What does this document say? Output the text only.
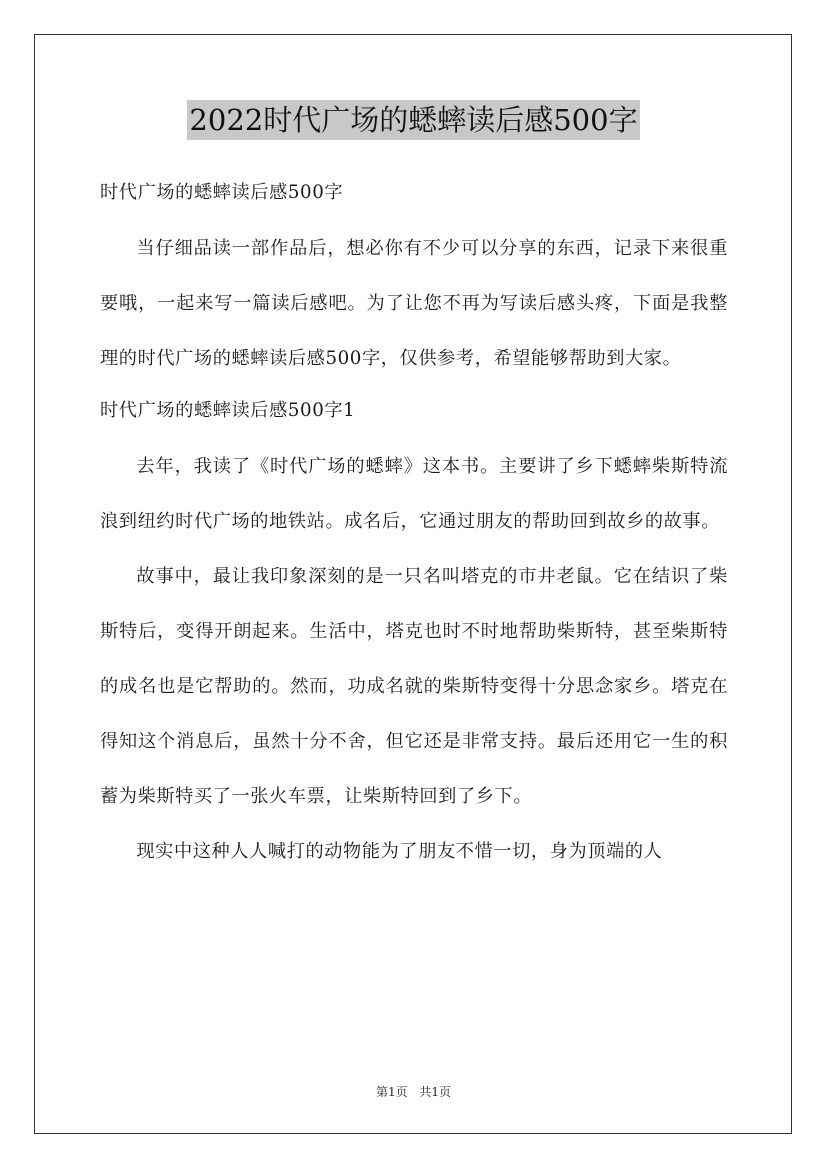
2022时代广场的蟋蟀读后感500字

时代广场的蟋蟀读后感500字

当仔细品读一部作品后，想必你有不少可以分享的东西，记录下来很重要哦，一起来写一篇读后感吧。为了让您不再为写读后感头疼，下面是我整理的时代广场的蟋蟀读后感500字，仅供参考，希望能够帮助到大家。

时代广场的蟋蟀读后感500字1

去年，我读了《时代广场的蟋蟀》这本书。主要讲了乡下蟋蟀柴斯特流浪到纽约时代广场的地铁站。成名后，它通过朋友的帮助回到故乡的故事。

故事中，最让我印象深刻的是一只名叫塔克的市井老鼠。它在结识了柴斯特后，变得开朗起来。生活中，塔克也时不时地帮助柴斯特，甚至柴斯特的成名也是它帮助的。然而，功成名就的柴斯特变得十分思念家乡。塔克在得知这个消息后，虽然十分不舍，但它还是非常支持。最后还用它一生的积蓄为柴斯特买了一张火车票，让柴斯特回到了乡下。

现实中这种人人喊打的动物能为了朋友不惜一切，身为顶端的人

第1页 共1页
